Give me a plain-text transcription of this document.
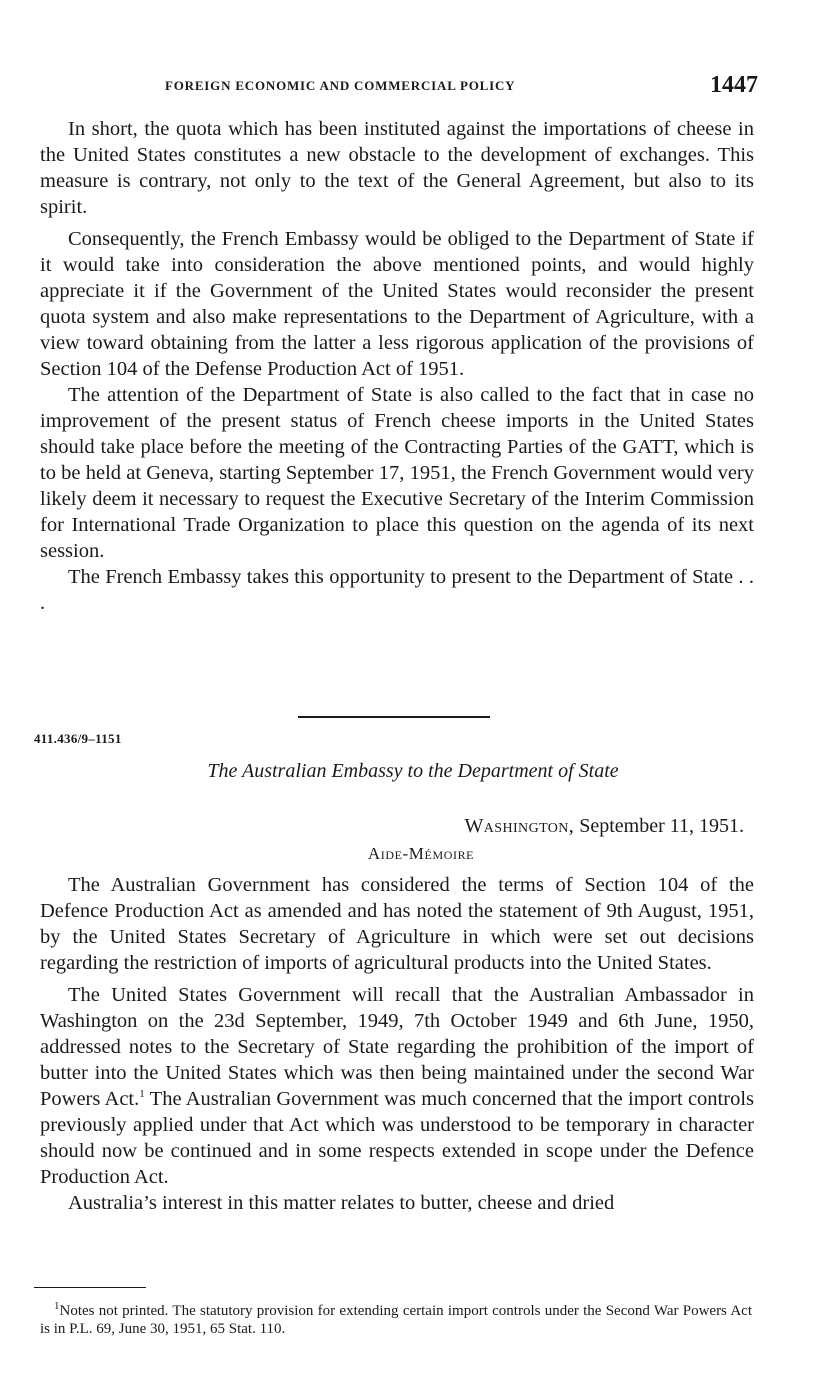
FOREIGN ECONOMIC AND COMMERCIAL POLICY	1447

In short, the quota which has been instituted against the importations of cheese in the United States constitutes a new obstacle to the development of exchanges. This measure is contrary, not only to the text of the General Agreement, but also to its spirit.

Consequently, the French Embassy would be obliged to the Department of State if it would take into consideration the above mentioned points, and would highly appreciate it if the Government of the United States would reconsider the present quota system and also make representations to the Department of Agriculture, with a view toward obtaining from the latter a less rigorous application of the provisions of Section 104 of the Defense Production Act of 1951.

The attention of the Department of State is also called to the fact that in case no improvement of the present status of French cheese imports in the United States should take place before the meeting of the Contracting Parties of the GATT, which is to be held at Geneva, starting September 17, 1951, the French Government would very likely deem it necessary to request the Executive Secretary of the Interim Commission for International Trade Organization to place this question on the agenda of its next session.

The French Embassy takes this opportunity to present to the Department of State . . .

411.436/9–1151
The Australian Embassy to the Department of State
Washington, September 11, 1951.
Aide-Mémoire

The Australian Government has considered the terms of Section 104 of the Defence Production Act as amended and has noted the statement of 9th August, 1951, by the United States Secretary of Agriculture in which were set out decisions regarding the restriction of imports of agricultural products into the United States.

The United States Government will recall that the Australian Ambassador in Washington on the 23d September, 1949, 7th October 1949 and 6th June, 1950, addressed notes to the Secretary of State regarding the prohibition of the import of butter into the United States which was then being maintained under the second War Powers Act.$^1$ The Australian Government was much concerned that the import controls previously applied under that Act which was understood to be temporary in character should now be continued and in some respects extended in scope under the Defence Production Act.

Australia’s interest in this matter relates to butter, cheese and dried

$^1$Notes not printed. The statutory provision for extending certain import controls under the Second War Powers Act is in P.L. 69, June 30, 1951, 65 Stat. 110.
